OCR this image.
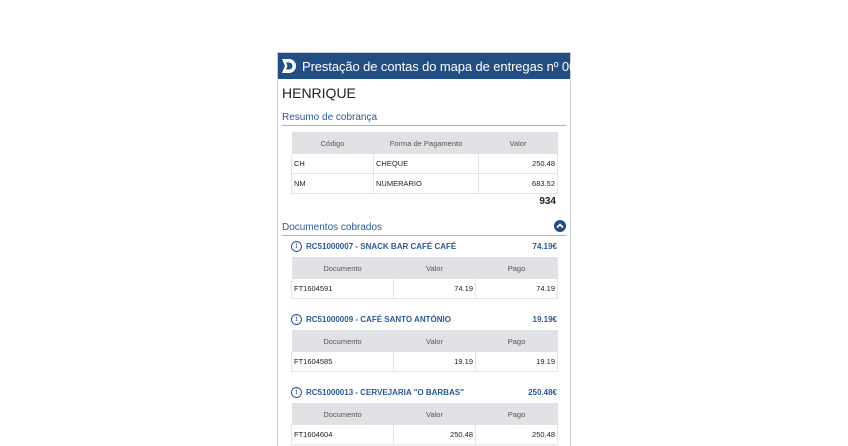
Prestação de contas do mapa de entregas nº 007352
HENRIQUE
Resumo de cobrança
Código	Forma de Pagamento	Valor
CH	CHEQUE	250.48
NM	NUMERARIO	683.52
934
Documentos cobrados
i	RC51000007 - SNACK BAR CAFÉ CAFÉ	74.19€
Documento	Valor	Pago
FT1604591	74.19	74.19
i	RC51000009 - CAFÉ SANTO ANTÓNIO	19.19€
Documento	Valor	Pago
FT1604585	19.19	19.19
i	RC51000013 - CERVEJARIA "O BARBAS"	250.48€
Documento	Valor	Pago
FT1604604	250.48	250.48
